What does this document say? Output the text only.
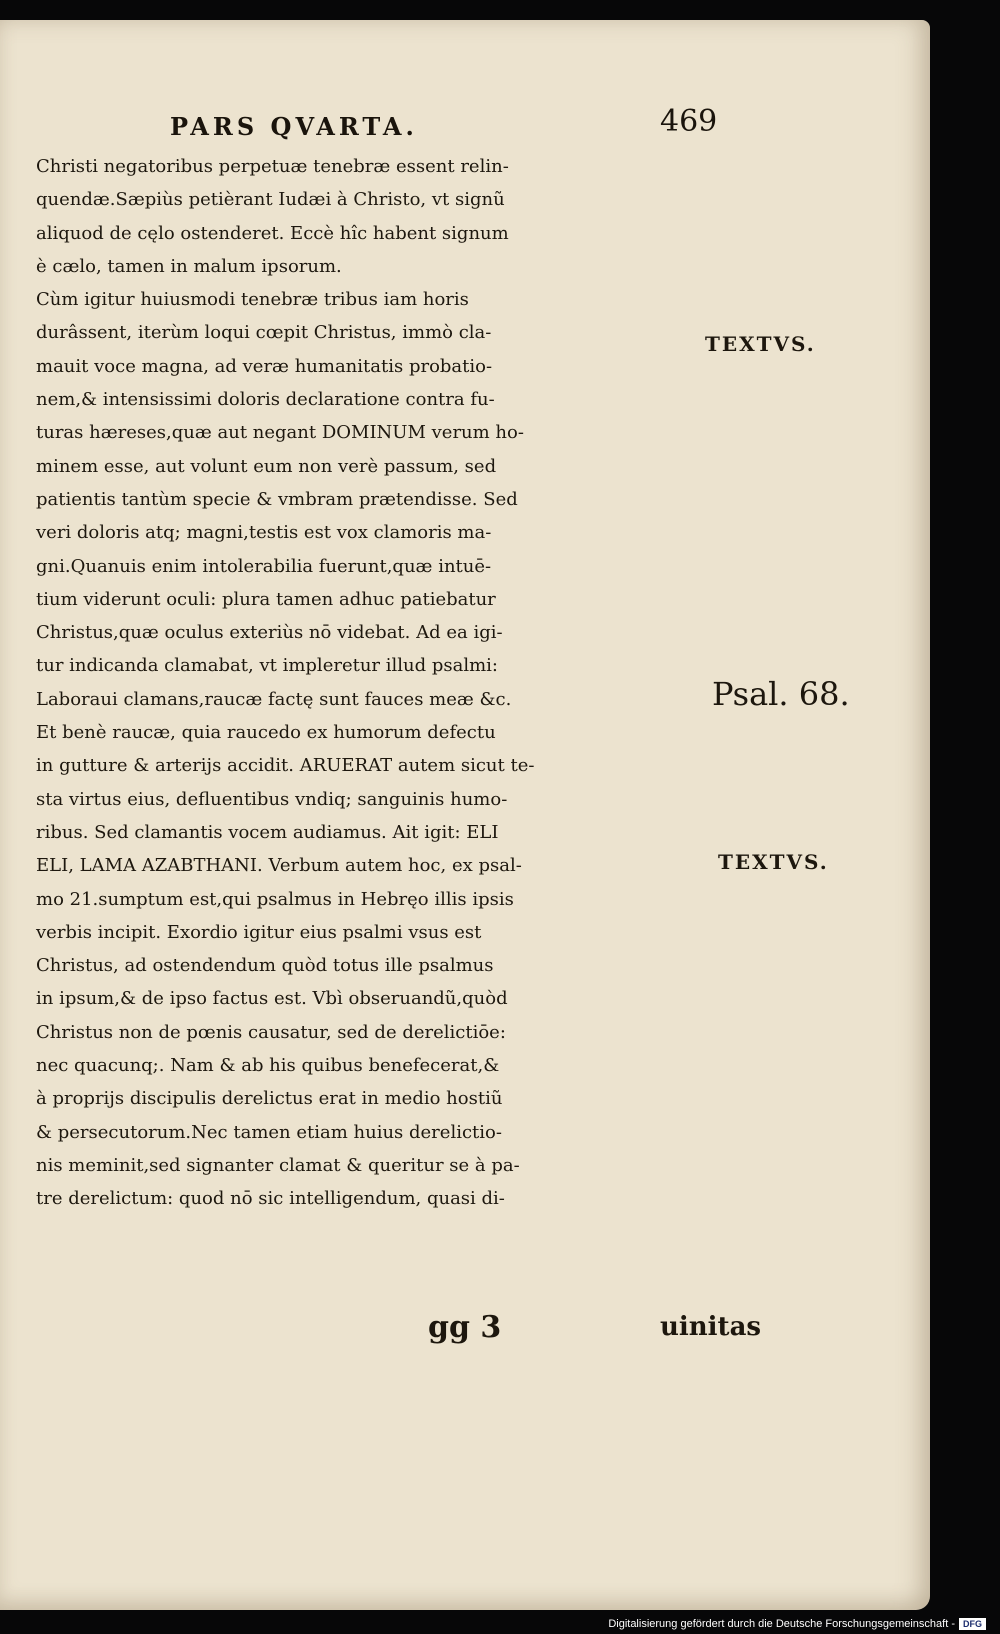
PARS QVARTA.	469
Christi negatoribus perpetuæ tenebræ essent relin-
quendæ.Sæpiùs petièrant Iudæi à Christo, vt signũ
aliquod de cęlo ostenderet. Eccè hîc habent signum
è cælo, tamen in malum ipsorum.
Cùm igitur huiusmodi tenebræ tribus iam horis
durâssent, iterùm loqui cœpit Christus, immò cla-
mauit voce magna, ad veræ humanitatis probatio-
nem,& intensissimi doloris declaratione contra fu-
turas hæreses,quæ aut negant DOMINUM verum ho-
minem esse, aut volunt eum non verè passum, sed
patientis tantùm specie & vmbram prætendisse. Sed
veri doloris atq; magni,testis est vox clamoris ma-
gni.Quanuis enim intolerabilia fuerunt,quæ intuē-
tium viderunt oculi: plura tamen adhuc patiebatur
Christus,quæ oculus exteriùs nō videbat. Ad ea igi-
tur indicanda clamabat, vt impleretur illud psalmi:
Laboraui clamans,raucæ factę sunt fauces meæ &c.
Et benè raucæ, quia raucedo ex humorum defectu
in gutture & arterijs accidit. ARUERAT autem sicut te-
sta virtus eius, defluentibus vndiq; sanguinis humo-
ribus. Sed clamantis vocem audiamus. Ait igit: ELI
ELI, LAMA AZABTHANI. Verbum autem hoc, ex psal-
mo 21.sumptum est,qui psalmus in Hebręo illis ipsis
verbis incipit. Exordio igitur eius psalmi vsus est
Christus, ad ostendendum quòd totus ille psalmus
in ipsum,& de ipso factus est. Vbì obseruandũ,quòd
Christus non de pœnis causatur, sed de derelictiōe:
nec quacunq;. Nam & ab his quibus benefecerat,&
à proprijs discipulis derelictus erat in medio hostiũ
& persecutorum.Nec tamen etiam huius derelictio-
nis meminit,sed signanter clamat & queritur se à pa-
tre derelictum: quod nō sic intelligendum, quasi di-
TEXTVS.
Psal. 68.
TEXTVS.
gg 3	uinitas
Digitalisierung gefördert durch die Deutsche Forschungsgemeinschaft - DFG
